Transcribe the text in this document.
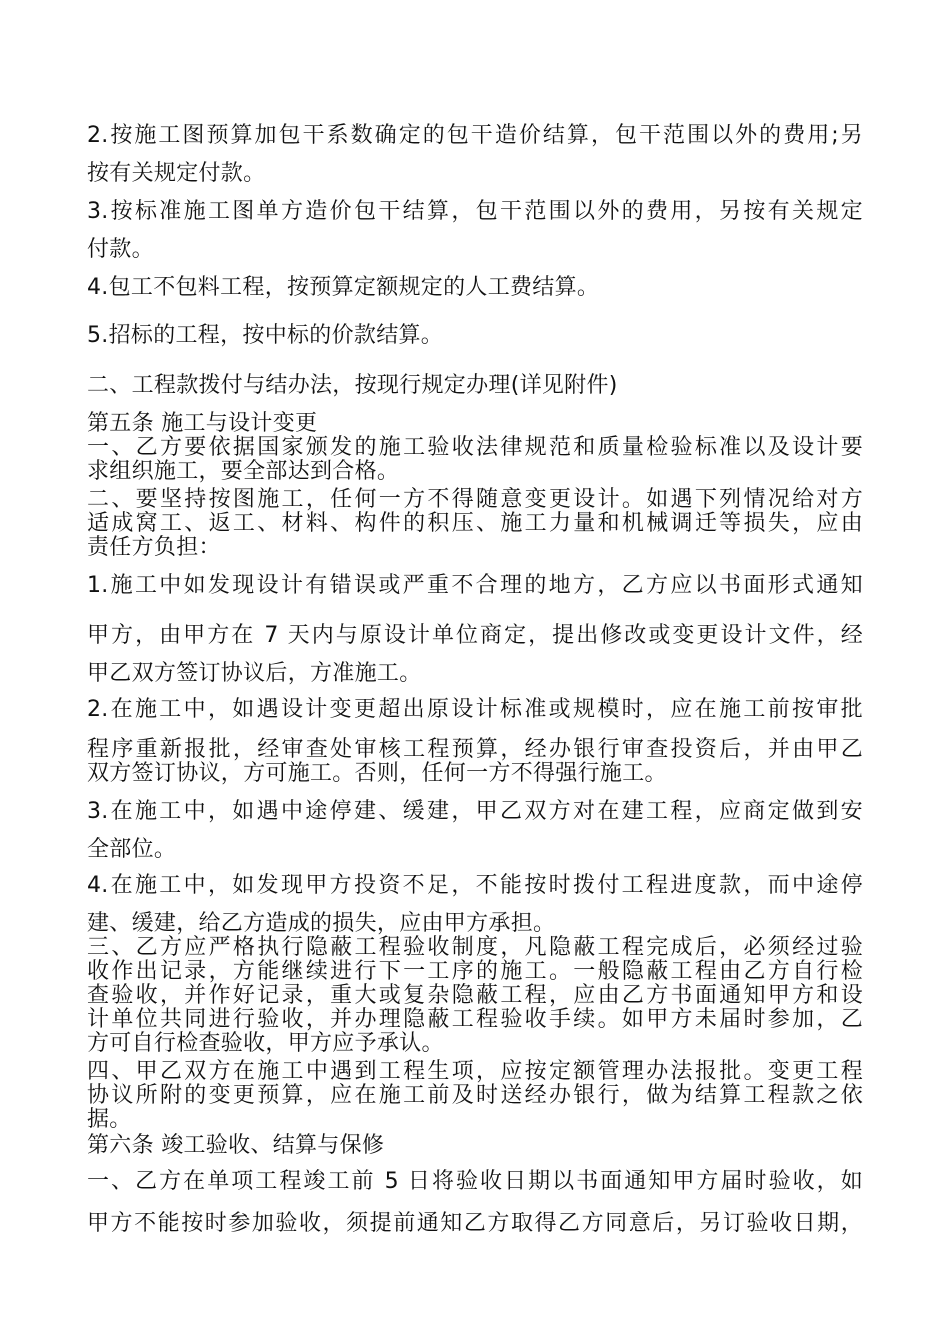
2.按施工图预算加包干系数确定的包干造价结算，包干范围以外的费用;另
按有关规定付款。
3.按标准施工图单方造价包干结算，包干范围以外的费用，另按有关规定
付款。
4.包工不包料工程，按预算定额规定的人工费结算。
5.招标的工程，按中标的价款结算。
二、工程款拨付与结办法，按现行规定办理(详见附件)
第五条 施工与设计变更
一、乙方要依据国家颁发的施工验收法律规范和质量检验标准以及设计要
求组织施工，要全部达到合格。
二、要坚持按图施工，任何一方不得随意变更设计。如遇下列情况给对方
适成窝工、返工、材料、构件的积压、施工力量和机械调迁等损失，应由
责任方负担：
1.施工中如发现设计有错误或严重不合理的地方，乙方应以书面形式通知
甲方，由甲方在 7 天内与原设计单位商定，提出修改或变更设计文件，经
甲乙双方签订协议后，方准施工。
2.在施工中，如遇设计变更超出原设计标准或规模时，应在施工前按审批
程序重新报批，经审查处审核工程预算，经办银行审查投资后，并由甲乙
双方签订协议，方可施工。否则，任何一方不得强行施工。
3.在施工中，如遇中途停建、缓建，甲乙双方对在建工程，应商定做到安
全部位。
4.在施工中，如发现甲方投资不足，不能按时拨付工程进度款，而中途停
建、缓建，给乙方造成的损失，应由甲方承担。
三、乙方应严格执行隐蔽工程验收制度，凡隐蔽工程完成后，必须经过验
收作出记录，方能继续进行下一工序的施工。一般隐蔽工程由乙方自行检
查验收，并作好记录，重大或复杂隐蔽工程，应由乙方书面通知甲方和设
计单位共同进行验收，并办理隐蔽工程验收手续。如甲方未届时参加，乙
方可自行检查验收，甲方应予承认。
四、甲乙双方在施工中遇到工程生项，应按定额管理办法报批。变更工程
协议所附的变更预算，应在施工前及时送经办银行，做为结算工程款之依
据。
第六条 竣工验收、结算与保修
一、乙方在单项工程竣工前 5 日将验收日期以书面通知甲方届时验收，如
甲方不能按时参加验收，须提前通知乙方取得乙方同意后，另订验收日期，
